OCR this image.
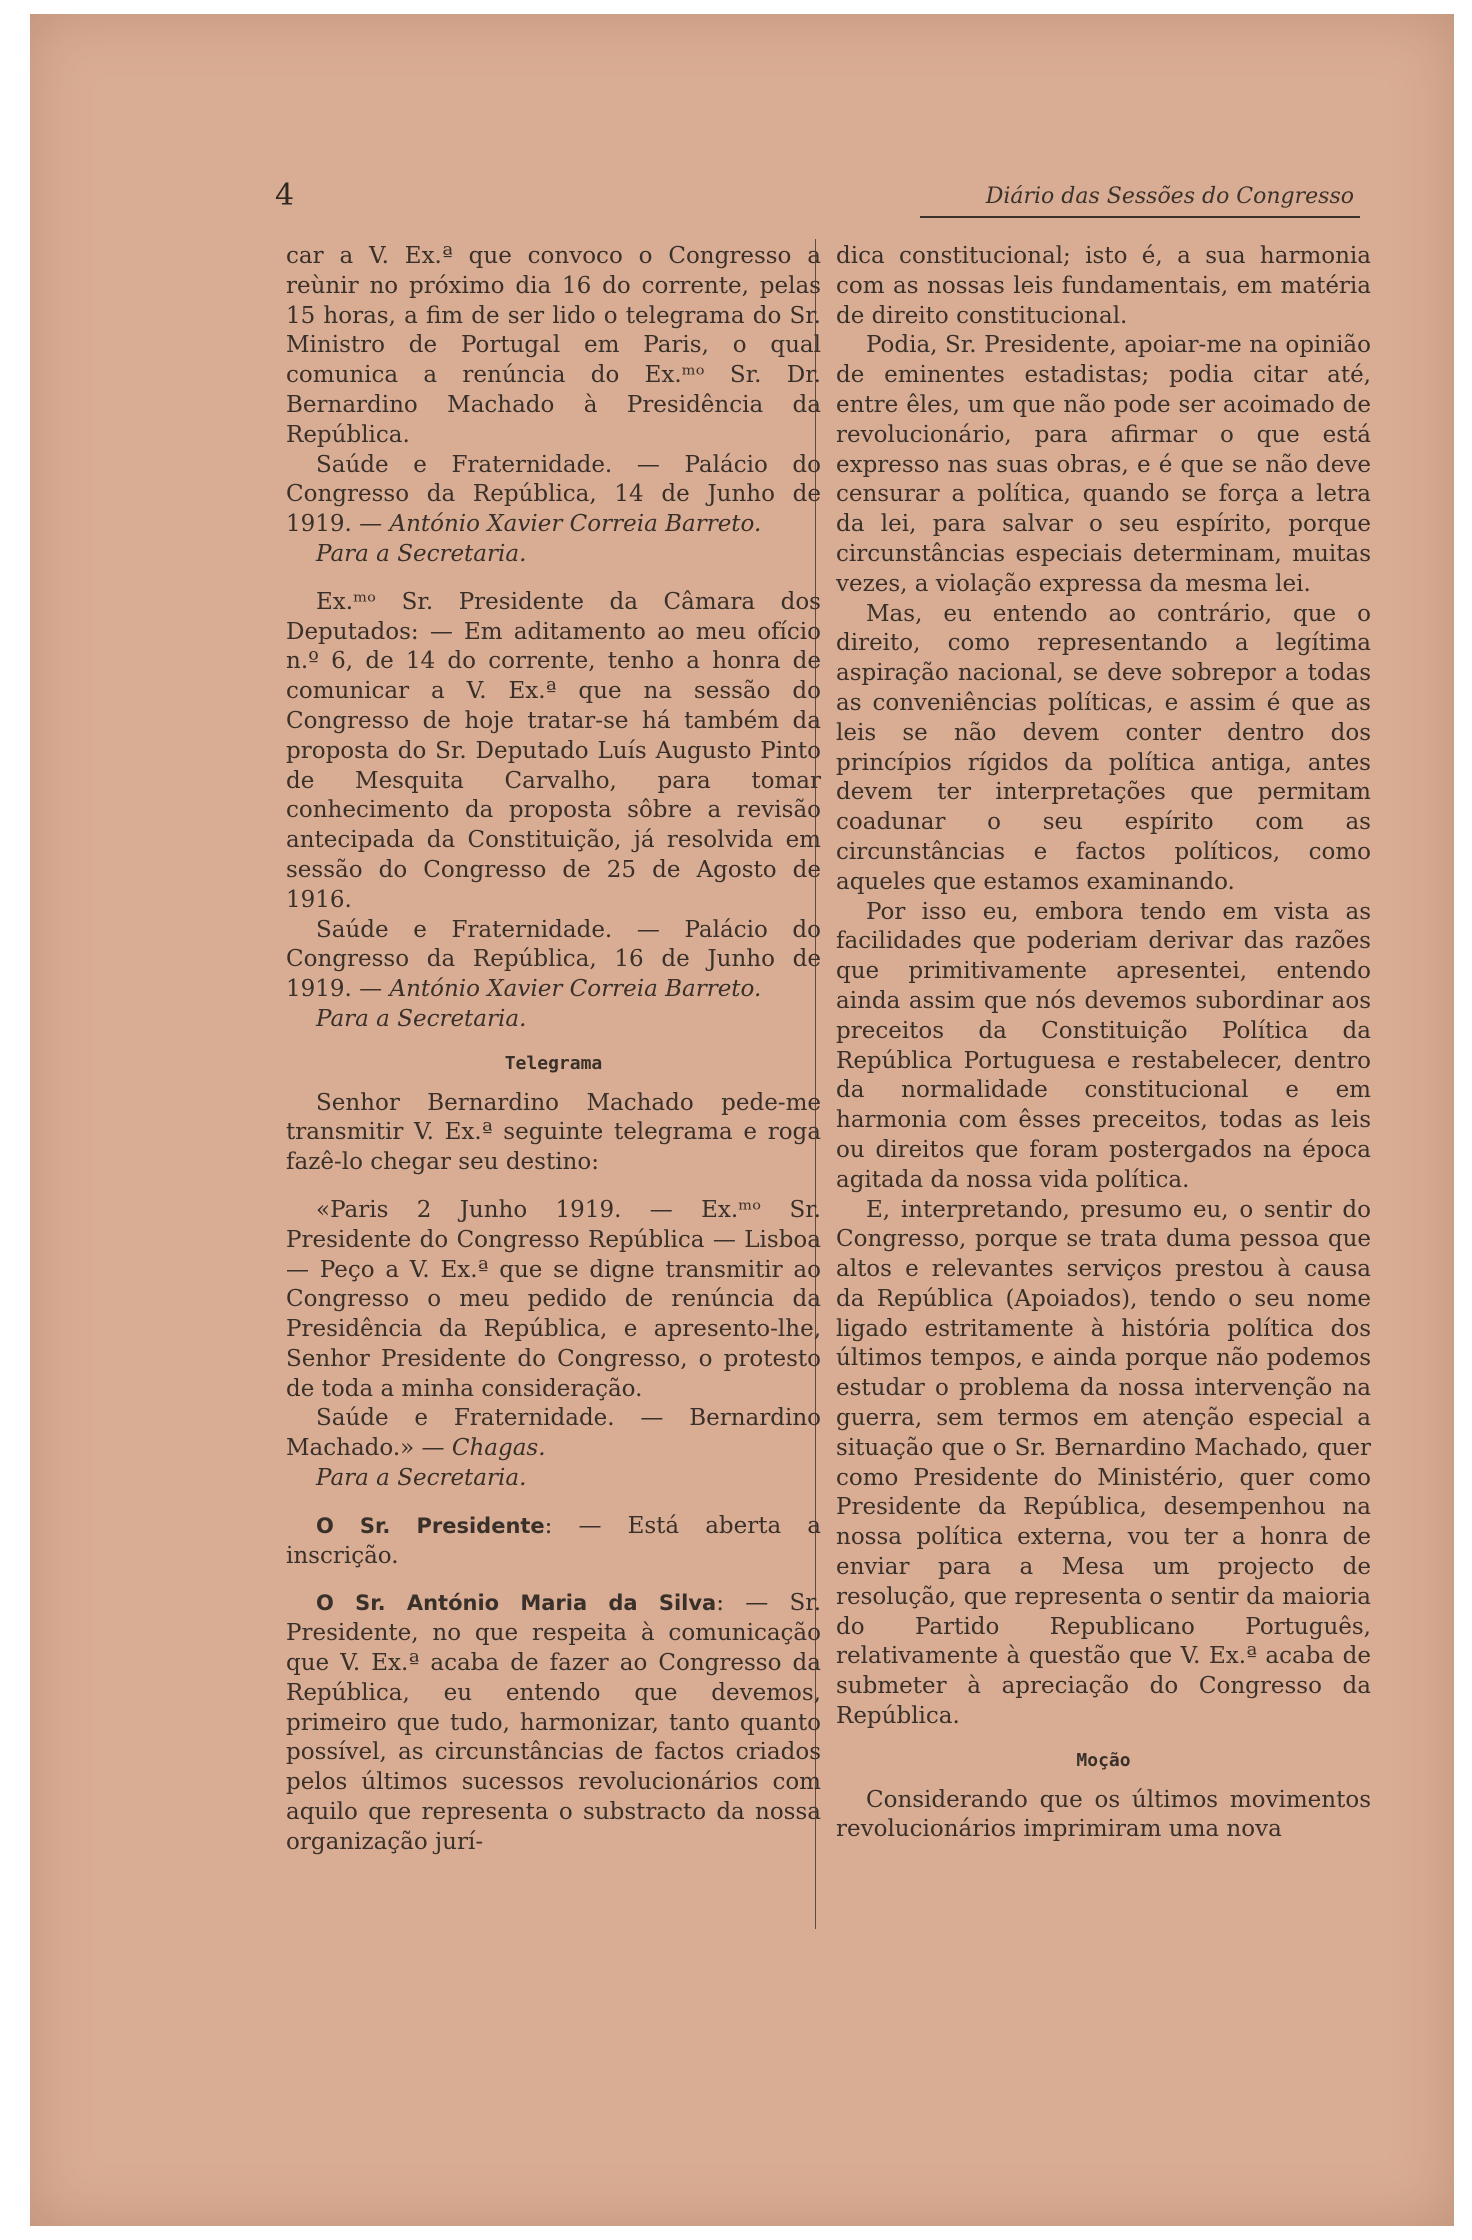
4	Diário das Sessões do Congresso

car a V. Ex.ª que convoco o Congresso a reùnir no próximo dia 16 do corrente, pelas 15 horas, a fim de ser lido o telegrama do Sr. Ministro de Portugal em Paris, o qual comunica a renúncia do Ex.ᵐᵒ Sr. Dr. Bernardino Machado à Presidência da República.

Saúde e Fraternidade. — Palácio do Congresso da República, 14 de Junho de 1919. — António Xavier Correia Barreto.

Para a Secretaria.

Ex.ᵐᵒ Sr. Presidente da Câmara dos Deputados: — Em aditamento ao meu ofício n.º 6, de 14 do corrente, tenho a honra de comunicar a V. Ex.ª que na sessão do Congresso de hoje tratar-se há também da proposta do Sr. Deputado Luís Augusto Pinto de Mesquita Carvalho, para tomar conhecimento da proposta sôbre a revisão antecipada da Constituição, já resolvida em sessão do Congresso de 25 de Agosto de 1916.

Saúde e Fraternidade. — Palácio do Congresso da República, 16 de Junho de 1919. — António Xavier Correia Barreto.

Para a Secretaria.

Telegrama

Senhor Bernardino Machado pede-me transmitir V. Ex.ª seguinte telegrama e roga fazê-lo chegar seu destino:

«Paris 2 Junho 1919. — Ex.ᵐᵒ Sr. Presidente do Congresso República — Lisboa — Peço a V. Ex.ª que se digne transmitir ao Congresso o meu pedido de renúncia da Presidência da República, e apresento-lhe, Senhor Presidente do Congresso, o protesto de toda a minha consideração.

Saúde e Fraternidade. — Bernardino Machado.» — Chagas.

Para a Secretaria.

O Sr. Presidente: — Está aberta a inscrição.

O Sr. António Maria da Silva: — Sr. Presidente, no que respeita à comunicação que V. Ex.ª acaba de fazer ao Congresso da República, eu entendo que devemos, primeiro que tudo, harmonizar, tanto quanto possível, as circunstâncias de factos criados pelos últimos sucessos revolucionários com aquilo que representa o substracto da nossa organização jurí-

dica constitucional; isto é, a sua harmonia com as nossas leis fundamentais, em matéria de direito constitucional.

Podia, Sr. Presidente, apoiar-me na opinião de eminentes estadistas; podia citar até, entre êles, um que não pode ser acoimado de revolucionário, para afirmar o que está expresso nas suas obras, e é que se não deve censurar a política, quando se força a letra da lei, para salvar o seu espírito, porque circunstâncias especiais determinam, muitas vezes, a violação expressa da mesma lei.

Mas, eu entendo ao contrário, que o direito, como representando a legítima aspiração nacional, se deve sobrepor a todas as conveniências políticas, e assim é que as leis se não devem conter dentro dos princípios rígidos da política antiga, antes devem ter interpretações que permitam coadunar o seu espírito com as circunstâncias e factos políticos, como aqueles que estamos examinando.

Por isso eu, embora tendo em vista as facilidades que poderiam derivar das razões que primitivamente apresentei, entendo ainda assim que nós devemos subordinar aos preceitos da Constituição Política da República Portuguesa e restabelecer, dentro da normalidade constitucional e em harmonia com êsses preceitos, todas as leis ou direitos que foram postergados na época agitada da nossa vida política.

E, interpretando, presumo eu, o sentir do Congresso, porque se trata duma pessoa que altos e relevantes serviços prestou à causa da República (Apoiados), tendo o seu nome ligado estritamente à história política dos últimos tempos, e ainda porque não podemos estudar o problema da nossa intervenção na guerra, sem termos em atenção especial a situação que o Sr. Bernardino Machado, quer como Presidente do Ministério, quer como Presidente da República, desempenhou na nossa política externa, vou ter a honra de enviar para a Mesa um projecto de resolução, que representa o sentir da maioria do Partido Republicano Português, relativamente à questão que V. Ex.ª acaba de submeter à apreciação do Congresso da República.

Moção

Considerando que os últimos movimentos revolucionários imprimiram uma nova
